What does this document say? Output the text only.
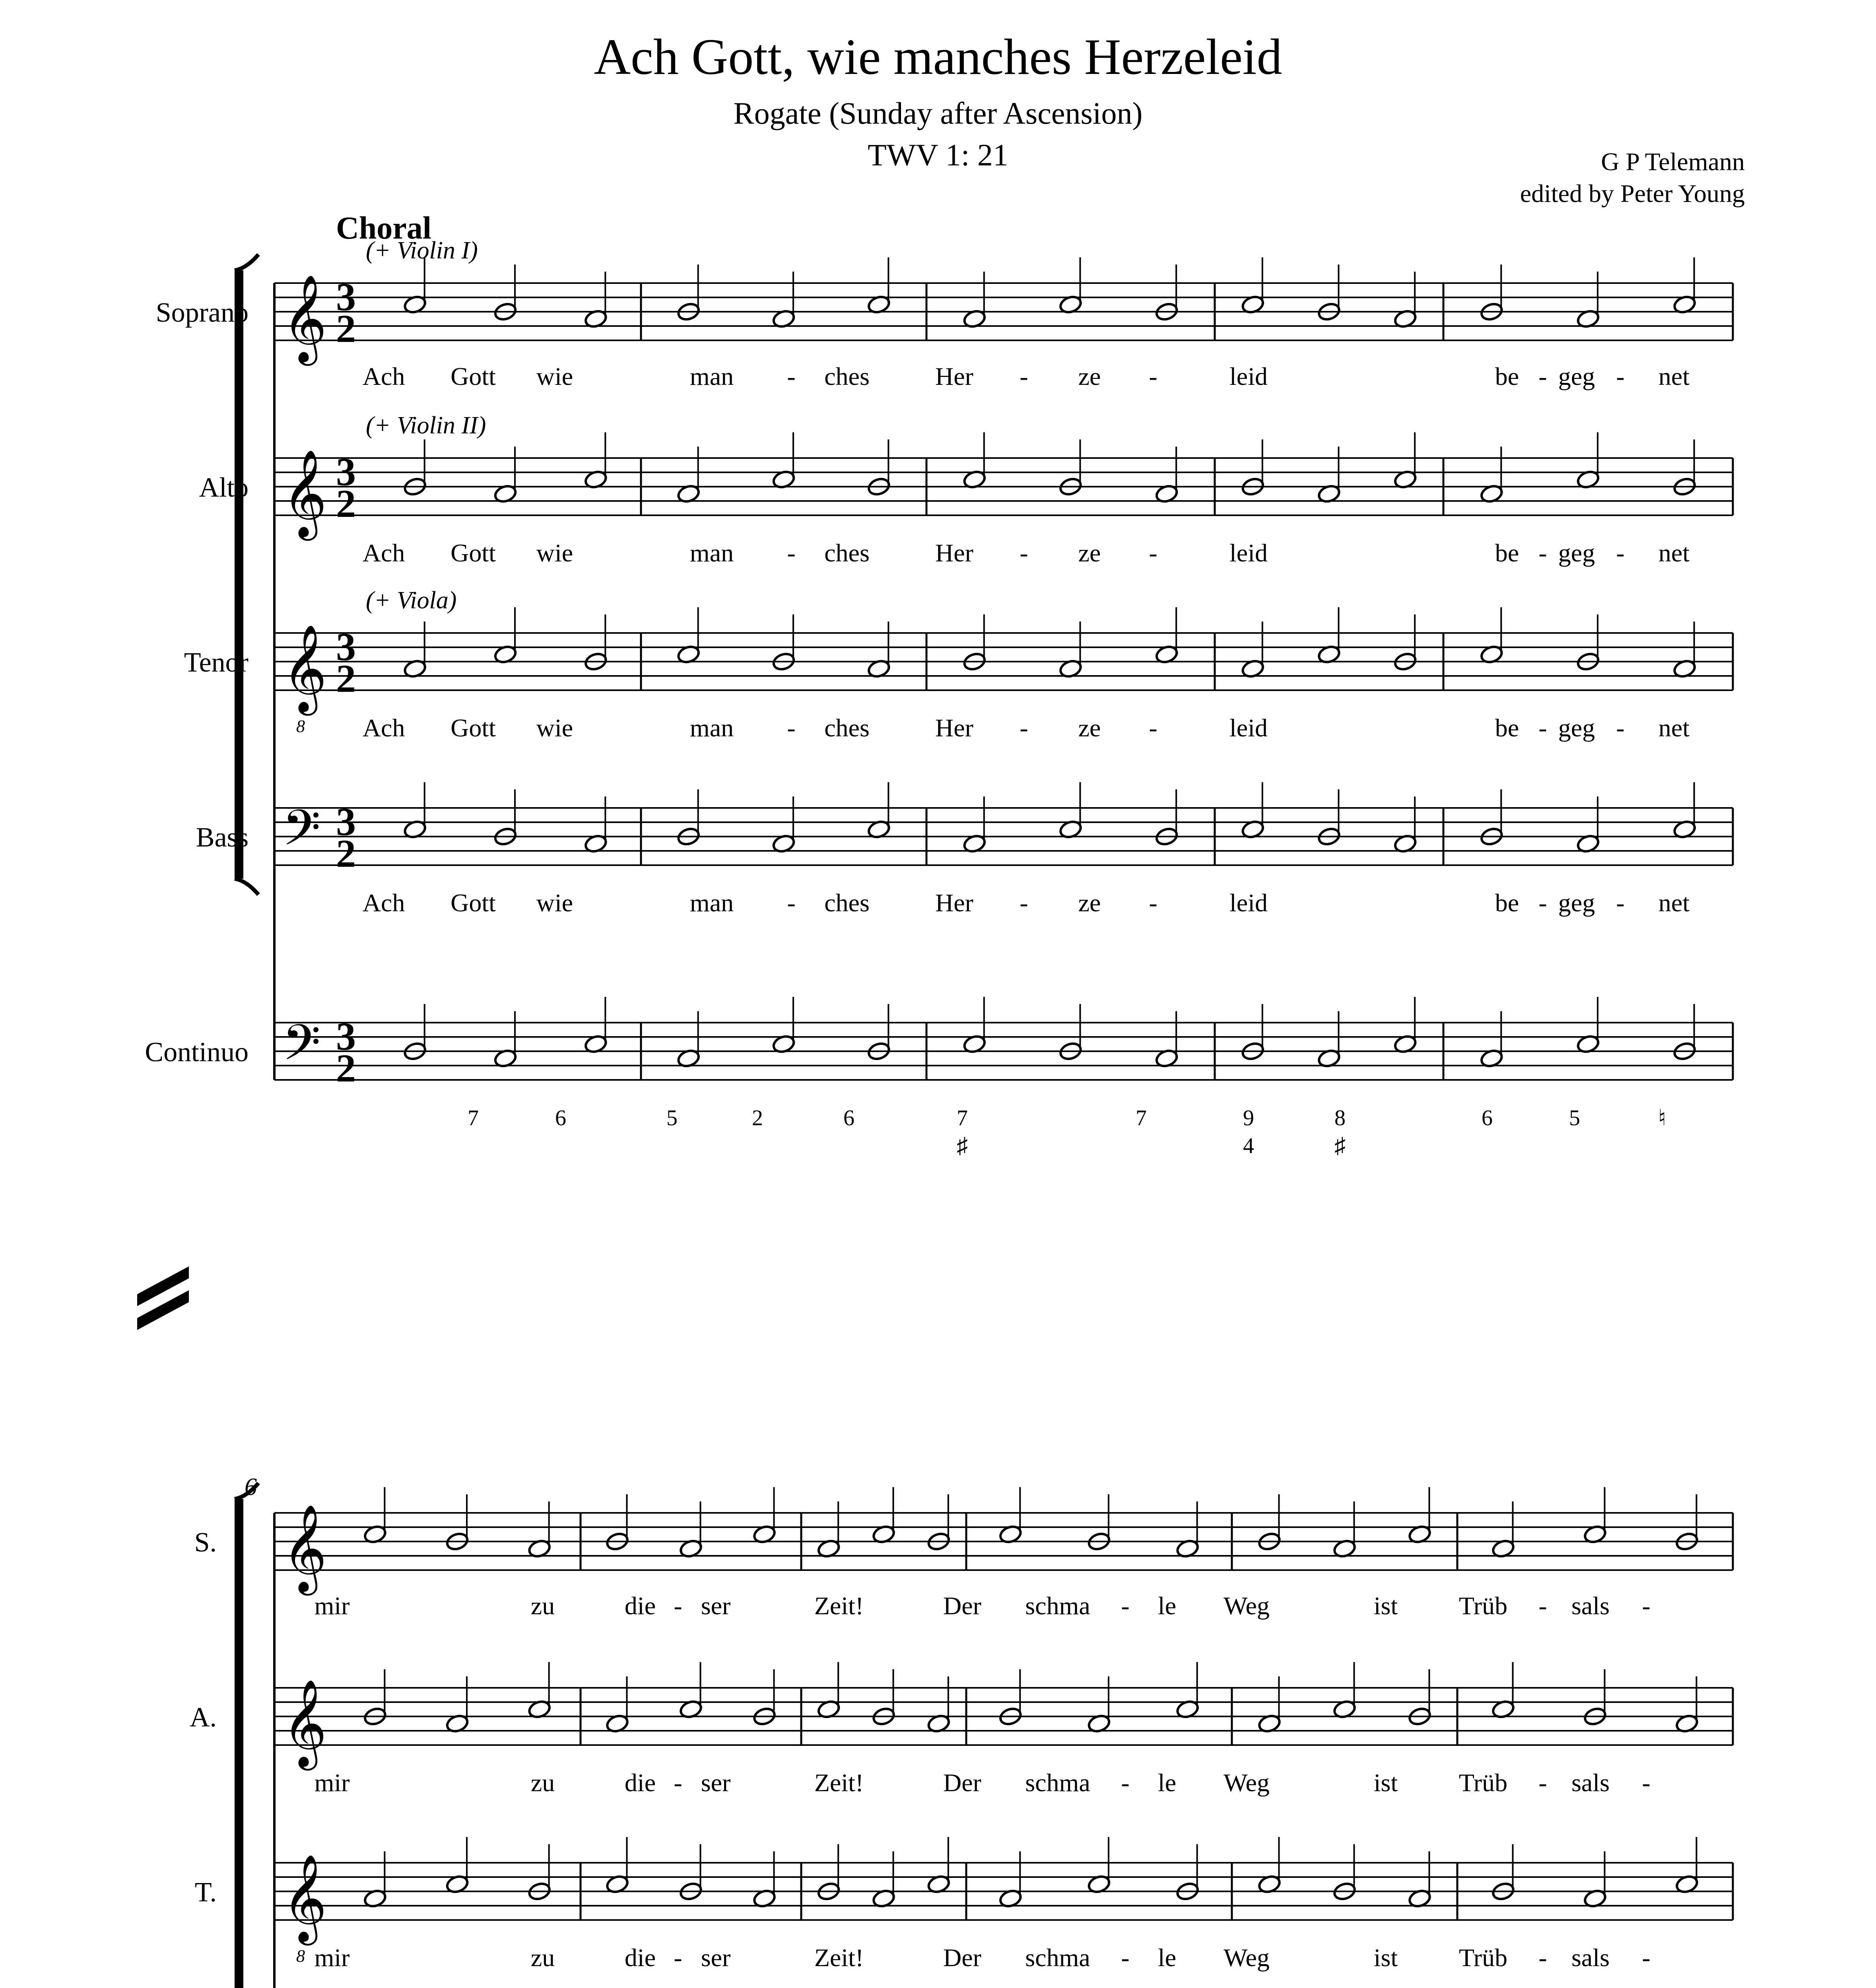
Ach Gott, wie manches Herzeleid
Rogate (Sunday after Ascension)
TWV 1: 21	G P Telemann
edited by Peter Young
Choral
Soprano 𝄞 3
2
(+ Violin I)
Ach Gott wie	man - ches	Her - ze -	leid	be - geg - net
Alto 𝄞 3
2
(+ Violin II)
Ach Gott wie	man - ches	Her - ze -	leid	be - geg - net
Tenor 𝄞
8
3
2
(+ Viola)
Ach Gott wie	man - ches	Her - ze -	leid	be - geg - net
Bass 𝄢 3
2
Ach Gott wie	man - ches	Her - ze -	leid	be - geg - net
Continuo 𝄢 3
2
7	6	5	2	6	7
♯
7	9
4
8
♯
6	5	♮
6
S. 𝄞
mir	zu	die - ser	Zeit!	Der schma - le Weg	ist Trüb - sals -
A. 𝄞
mir	zu	die - ser	Zeit!	Der schma - le Weg	ist Trüb - sals -
T. 𝄞
8 mir	zu	die - ser	Zeit!	Der schma - le Weg	ist Trüb - sals -
